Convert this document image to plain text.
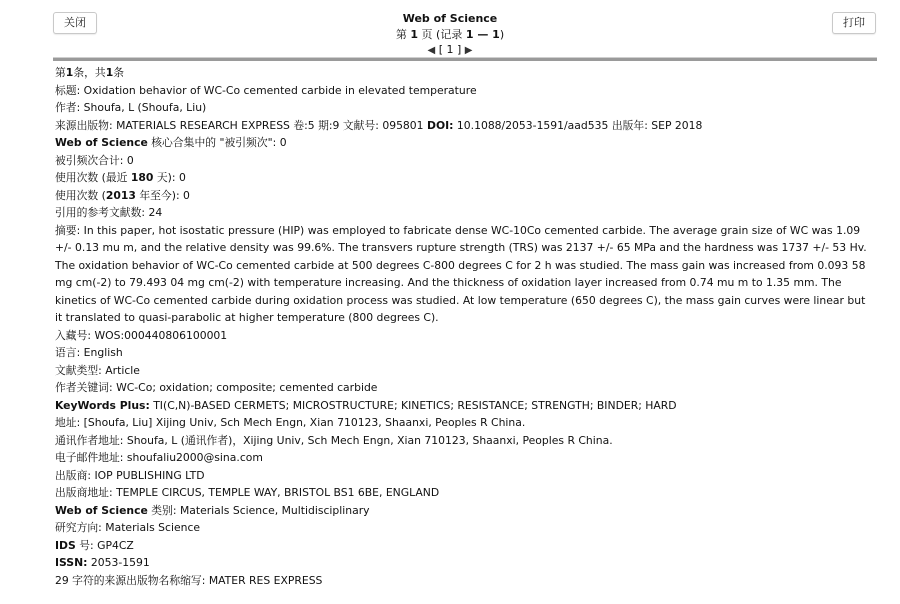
关闭	打印
Web of Science
第 1 页 (记录 1 — 1)
◀ [ 1 ] ▶
第1条，共1条
标题: Oxidation behavior of WC-Co cemented carbide in elevated temperature
作者: Shoufa, L (Shoufa, Liu)
来源出版物: MATERIALS RESEARCH EXPRESS 卷:5 期:9 文献号: 095801 DOI: 10.1088/2053-1591/aad535 出版年: SEP 2018
Web of Science 核心合集中的 "被引频次": 0
被引频次合计: 0
使用次数 (最近 180 天): 0
使用次数 (2013 年至今): 0
引用的参考文献数: 24
摘要: In this paper, hot isostatic pressure (HIP) was employed to fabricate dense WC-10Co cemented carbide. The average grain size of WC was 1.09 +/- 0.13 mu m, and the relative density was 99.6%. The transvers rupture strength (TRS) was 2137 +/- 65 MPa and the hardness was 1737 +/- 53 Hv. The oxidation behavior of WC-Co cemented carbide at 500 degrees C-800 degrees C for 2 h was studied. The mass gain was increased from 0.093 58 mg cm(-2) to 79.493 04 mg cm(-2) with temperature increasing. And the thickness of oxidation layer increased from 0.74 mu m to 1.35 mm. The kinetics of WC-Co cemented carbide during oxidation process was studied. At low temperature (650 degrees C), the mass gain curves were linear but it translated to quasi-parabolic at higher temperature (800 degrees C).
入藏号: WOS:000440806100001
语言: English
文献类型: Article
作者关键词: WC-Co; oxidation; composite; cemented carbide
KeyWords Plus: TI(C,N)-BASED CERMETS; MICROSTRUCTURE; KINETICS; RESISTANCE; STRENGTH; BINDER; HARD
地址: [Shoufa, Liu] Xijing Univ, Sch Mech Engn, Xian 710123, Shaanxi, Peoples R China.
通讯作者地址: Shoufa, L (通讯作者)，Xijing Univ, Sch Mech Engn, Xian 710123, Shaanxi, Peoples R China.
电子邮件地址: shoufaliu2000@sina.com
出版商: IOP PUBLISHING LTD
出版商地址: TEMPLE CIRCUS, TEMPLE WAY, BRISTOL BS1 6BE, ENGLAND
Web of Science 类别: Materials Science, Multidisciplinary
研究方向: Materials Science
IDS 号: GP4CZ
ISSN: 2053-1591
29 字符的来源出版物名称缩写: MATER RES EXPRESS
